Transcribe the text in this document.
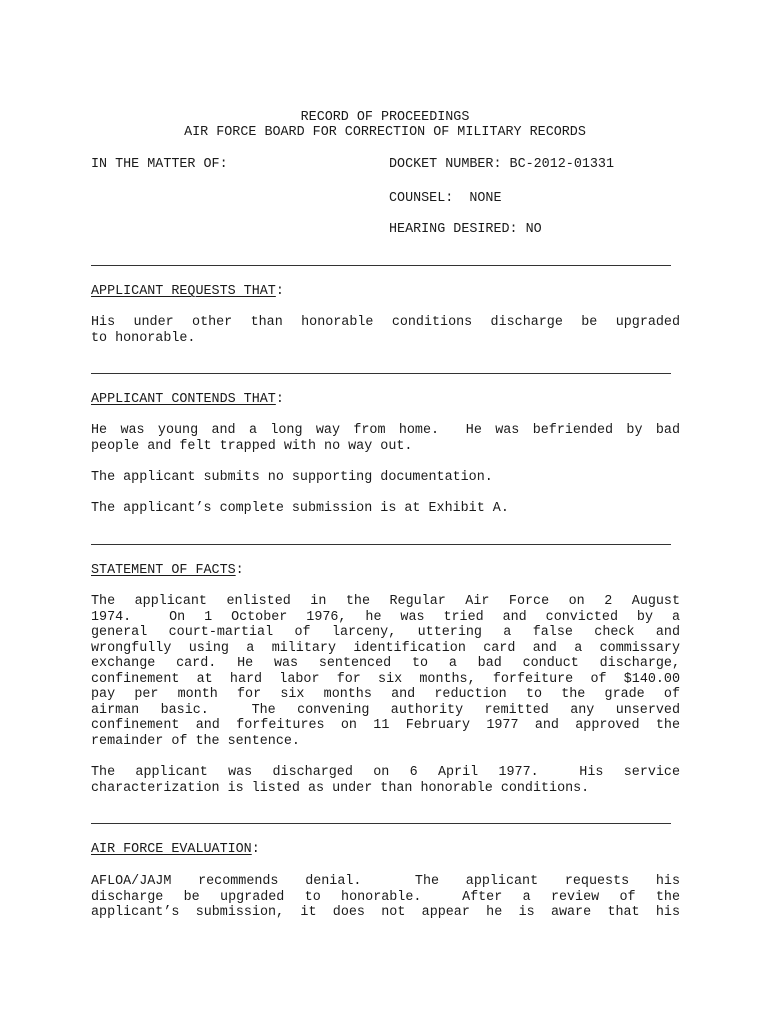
RECORD OF PROCEEDINGS
AIR FORCE BOARD FOR CORRECTION OF MILITARY RECORDS
IN THE MATTER OF:	DOCKET NUMBER: BC-2012-01331
COUNSEL:  NONE
HEARING DESIRED: NO
APPLICANT REQUESTS THAT:
His under other than honorable conditions discharge be upgraded
to honorable.
APPLICANT CONTENDS THAT:
He was young and a long way from home.  He was befriended by bad
people and felt trapped with no way out.
The applicant submits no supporting documentation.
The applicant’s complete submission is at Exhibit A.
STATEMENT OF FACTS:
The applicant enlisted in the Regular Air Force on 2 August
1974.  On 1 October 1976, he was tried and convicted by a
general court-martial of larceny, uttering a false check and
wrongfully using a military identification card and a commissary
exchange card. He was sentenced to a bad conduct discharge,
confinement at hard labor for six months, forfeiture of $140.00
pay per month for six months and reduction to the grade of
airman basic.  The convening authority remitted any unserved
confinement and forfeitures on 11 February 1977 and approved the
remainder of the sentence.
The applicant was discharged on 6 April 1977.  His service
characterization is listed as under than honorable conditions.
AIR FORCE EVALUATION:
AFLOA/JAJM recommends denial.  The applicant requests his
discharge be upgraded to honorable.  After a review of the
applicant’s submission, it does not appear he is aware that his
